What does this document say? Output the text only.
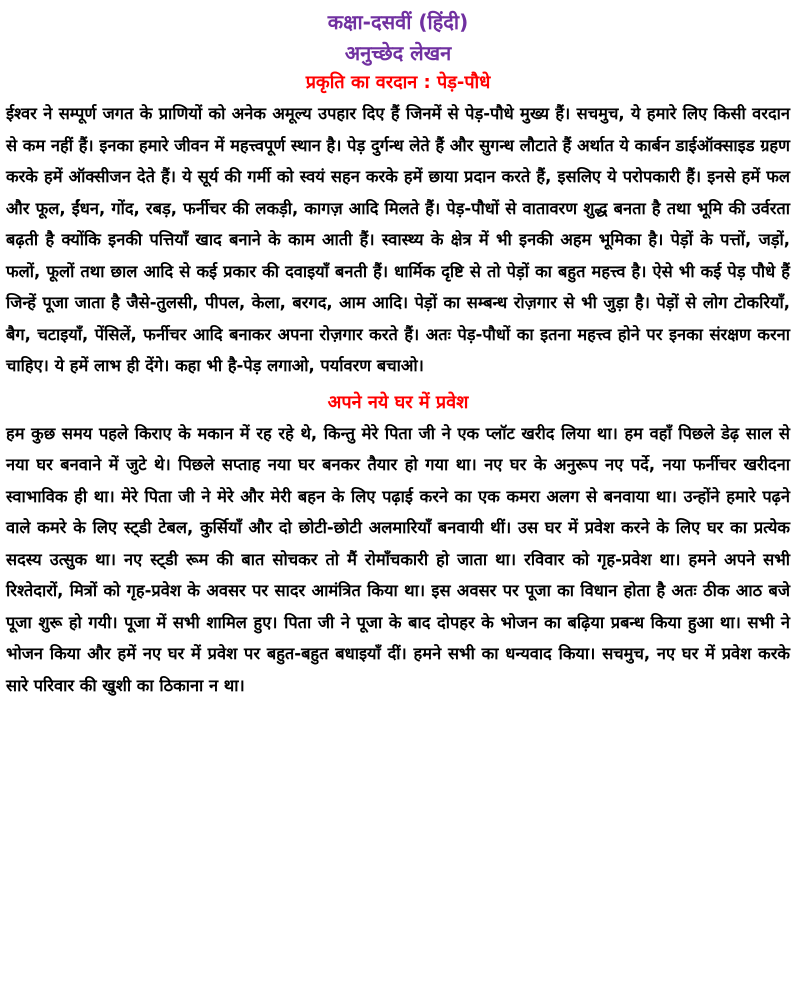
कक्षा-दसवीं (हिंदी)
अनुच्छेद लेखन
प्रकृति का वरदान : पेड़-पौधे

ईश्वर ने सम्पूर्ण जगत के प्राणियों को अनेक अमूल्य उपहार दिए हैं जिनमें से पेड़-पौधे मुख्य हैं। सचमुच, ये हमारे लिए किसी वरदान से कम नहीं हैं। इनका हमारे जीवन में महत्त्वपूर्ण स्थान है। पेड़ दुर्गन्ध लेते हैं और सुगन्ध लौटाते हैं अर्थात ये कार्बन डाईऑक्साइड ग्रहण करके हमें ऑक्सीजन देते हैं। ये सूर्य की गर्मी को स्वयं सहन करके हमें छाया प्रदान करते हैं, इसलिए ये परोपकारी हैं। इनसे हमें फल और फूल, ईंधन, गोंद, रबड़, फर्नीचर की लकड़ी, कागज़ आदि मिलते हैं। पेड़-पौधों से वातावरण शुद्ध बनता है तथा भूमि की उर्वरता बढ़ती है क्योंकि इनकी पत्तियाँ खाद बनाने के काम आती हैं। स्वास्थ्य के क्षेत्र में भी इनकी अहम भूमिका है। पेड़ों के पत्तों, जड़ों, फलों, फूलों तथा छाल आदि से कई प्रकार की दवाइयाँ बनती हैं। धार्मिक दृष्टि से तो पेड़ों का बहुत महत्त्व है। ऐसे भी कई पेड़ पौधे हैं जिन्हें पूजा जाता है जैसे-तुलसी, पीपल, केला, बरगद, आम आदि। पेड़ों का सम्बन्ध रोज़गार से भी जुड़ा है। पेड़ों से लोग टोकरियाँ, बैग, चटाइयाँ, पेंसिलें, फर्नीचर आदि बनाकर अपना रोज़गार करते हैं। अतः पेड़-पौधों का इतना महत्त्व होने पर इनका संरक्षण करना चाहिए। ये हमें लाभ ही देंगे। कहा भी है-पेड़ लगाओ, पर्यावरण बचाओ।

अपने नये घर में प्रवेश

हम कुछ समय पहले किराए के मकान में रह रहे थे, किन्तु मेरे पिता जी ने एक प्लॉट खरीद लिया था। हम वहाँ पिछले डेढ़ साल से नया घर बनवाने में जुटे थे। पिछले सप्ताह नया घर बनकर तैयार हो गया था। नए घर के अनुरूप नए पर्दे, नया फर्नीचर खरीदना स्वाभाविक ही था। मेरे पिता जी ने मेरे और मेरी बहन के लिए पढ़ाई करने का एक कमरा अलग से बनवाया था। उन्होंने हमारे पढ़ने वाले कमरे के लिए स्ट्डी टेबल, कुर्सियाँ और दो छोटी-छोटी अलमारियाँ बनवायी थीं। उस घर में प्रवेश करने के लिए घर का प्रत्येक सदस्य उत्सुक था। नए स्ट्डी रूम की बात सोचकर तो मैं रोमाँचकारी हो जाता था। रविवार को गृह-प्रवेश था। हमने अपने सभी रिश्तेदारों, मित्रों को गृह-प्रवेश के अवसर पर सादर आमंत्रित किया था। इस अवसर पर पूजा का विधान होता है अतः ठीक आठ बजे पूजा शुरू हो गयी। पूजा में सभी शामिल हुए। पिता जी ने पूजा के बाद दोपहर के भोजन का बढ़िया प्रबन्ध किया हुआ था। सभी ने भोजन किया और हमें नए घर में प्रवेश पर बहुत-बहुत बधाइयाँ दीं। हमने सभी का धन्यवाद किया। सचमुच, नए घर में प्रवेश करके सारे परिवार की खुशी का ठिकाना न था।
